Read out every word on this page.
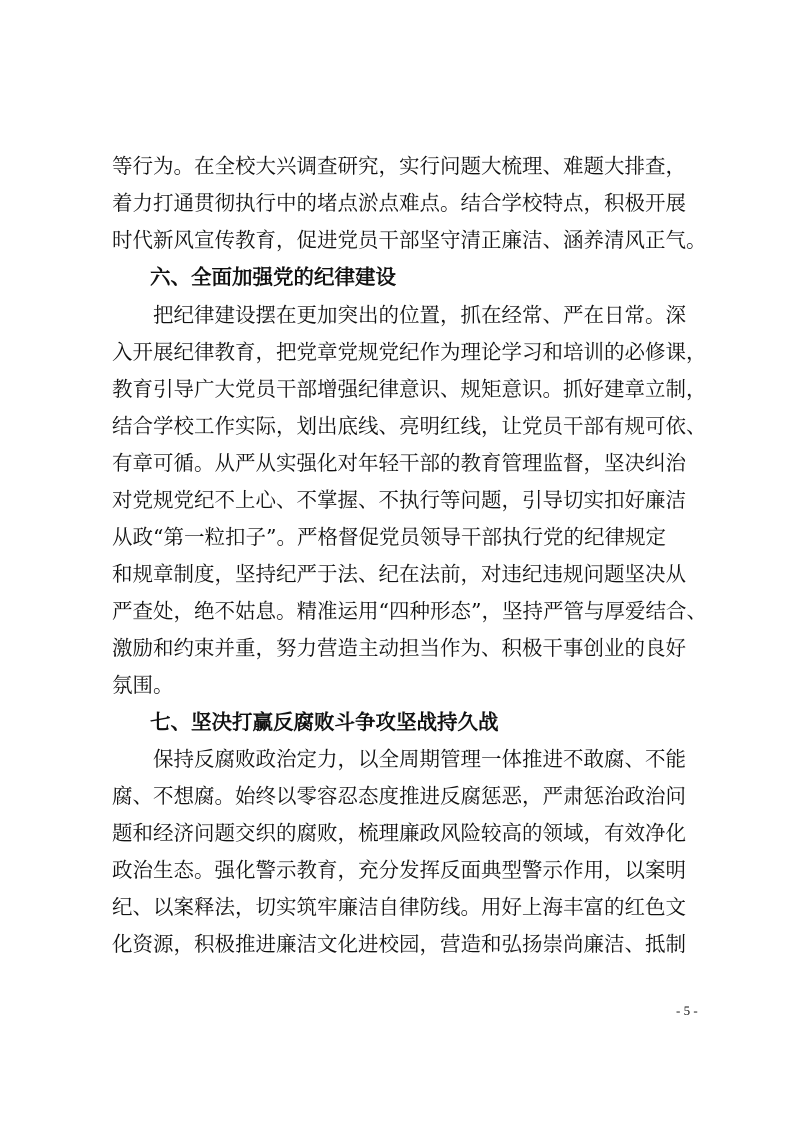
等行为。在全校大兴调查研究，实行问题大梳理、难题大排查，
着力打通贯彻执行中的堵点淤点难点。结合学校特点，积极开展
时代新风宣传教育，促进党员干部坚守清正廉洁、涵养清风正气。
六、全面加强党的纪律建设
　　把纪律建设摆在更加突出的位置，抓在经常、严在日常。深
入开展纪律教育，把党章党规党纪作为理论学习和培训的必修课，
教育引导广大党员干部增强纪律意识、规矩意识。抓好建章立制，
结合学校工作实际，划出底线、亮明红线，让党员干部有规可依、
有章可循。从严从实强化对年轻干部的教育管理监督，坚决纠治
对党规党纪不上心、不掌握、不执行等问题，引导切实扣好廉洁
从政“第一粒扣子”。严格督促党员领导干部执行党的纪律规定
和规章制度，坚持纪严于法、纪在法前，对违纪违规问题坚决从
严查处，绝不姑息。精准运用“四种形态”，坚持严管与厚爱结合、
激励和约束并重，努力营造主动担当作为、积极干事创业的良好
氛围。
七、坚决打赢反腐败斗争攻坚战持久战
　　保持反腐败政治定力，以全周期管理一体推进不敢腐、不能
腐、不想腐。始终以零容忍态度推进反腐惩恶，严肃惩治政治问
题和经济问题交织的腐败，梳理廉政风险较高的领域，有效净化
政治生态。强化警示教育，充分发挥反面典型警示作用，以案明
纪、以案释法，切实筑牢廉洁自律防线。用好上海丰富的红色文
化资源，积极推进廉洁文化进校园，营造和弘扬崇尚廉洁、抵制
- 5 -
